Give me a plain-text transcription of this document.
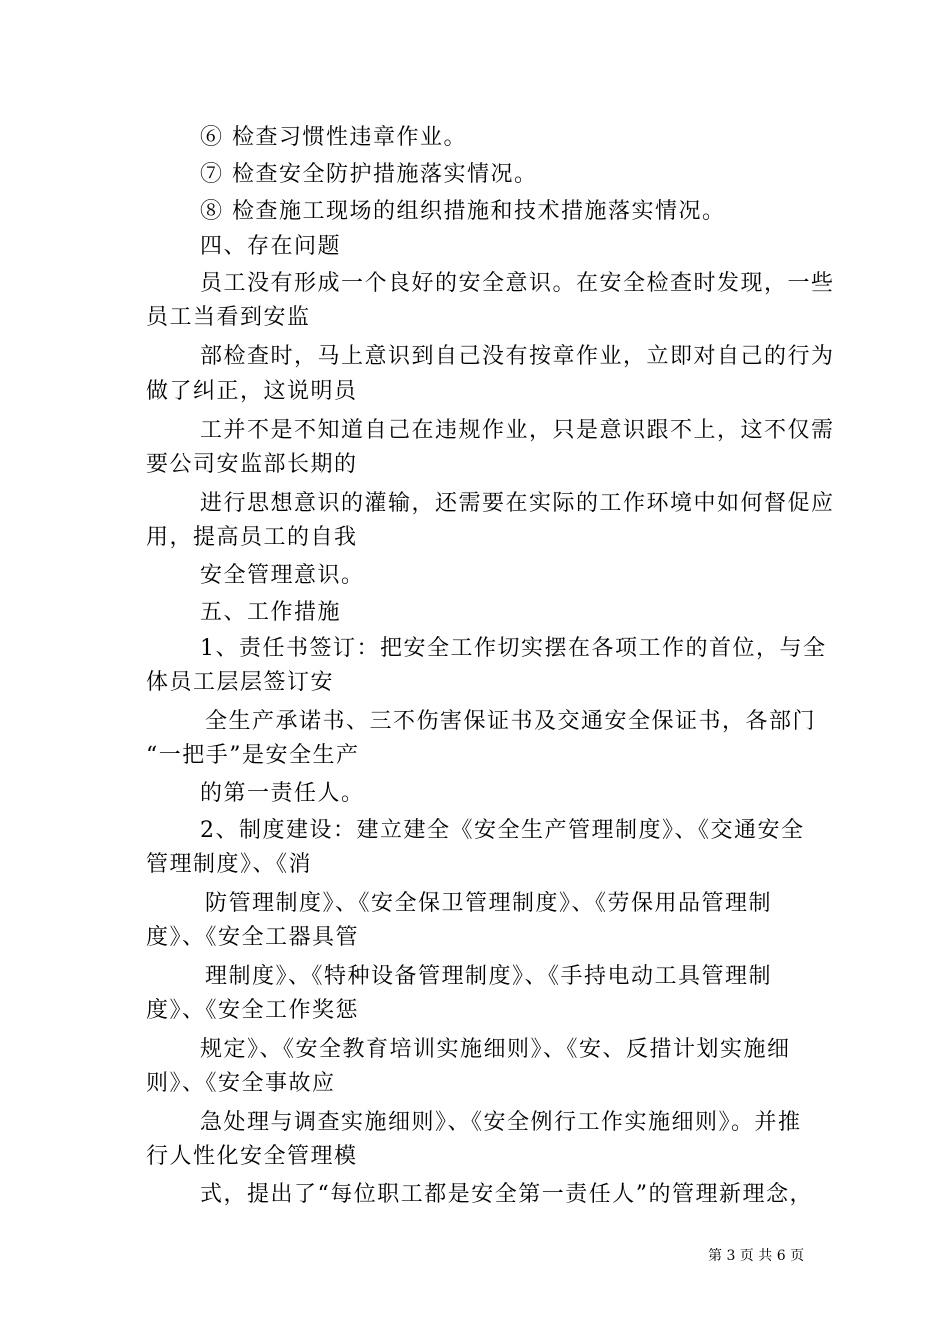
⑥ 检查习惯性违章作业。
⑦ 检查安全防护措施落实情况。
⑧ 检查施工现场的组织措施和技术措施落实情况。
四、存在问题
员工没有形成一个良好的安全意识。在安全检查时发现，一些
员工当看到安监
部检查时，马上意识到自己没有按章作业，立即对自己的行为
做了纠正，这说明员
工并不是不知道自己在违规作业，只是意识跟不上，这不仅需
要公司安监部长期的
进行思想意识的灌输，还需要在实际的工作环境中如何督促应
用，提高员工的自我
安全管理意识。
五、工作措施
1、责任书签订：把安全工作切实摆在各项工作的首位，与全
体员工层层签订安
全生产承诺书、三不伤害保证书及交通安全保证书，各部门
“一把手”是安全生产
的第一责任人。
2、制度建设：建立建全《安全生产管理制度》、《交通安全
管理制度》、《消
防管理制度》、《安全保卫管理制度》、《劳保用品管理制
度》、《安全工器具管
理制度》、《特种设备管理制度》、《手持电动工具管理制
度》、《安全工作奖惩
规定》、《安全教育培训实施细则》、《安、反措计划实施细
则》、《安全事故应
急处理与调查实施细则》、《安全例行工作实施细则》。并推
行人性化安全管理模
式，提出了“每位职工都是安全第一责任人”的管理新理念，
第 3 页 共 6 页
